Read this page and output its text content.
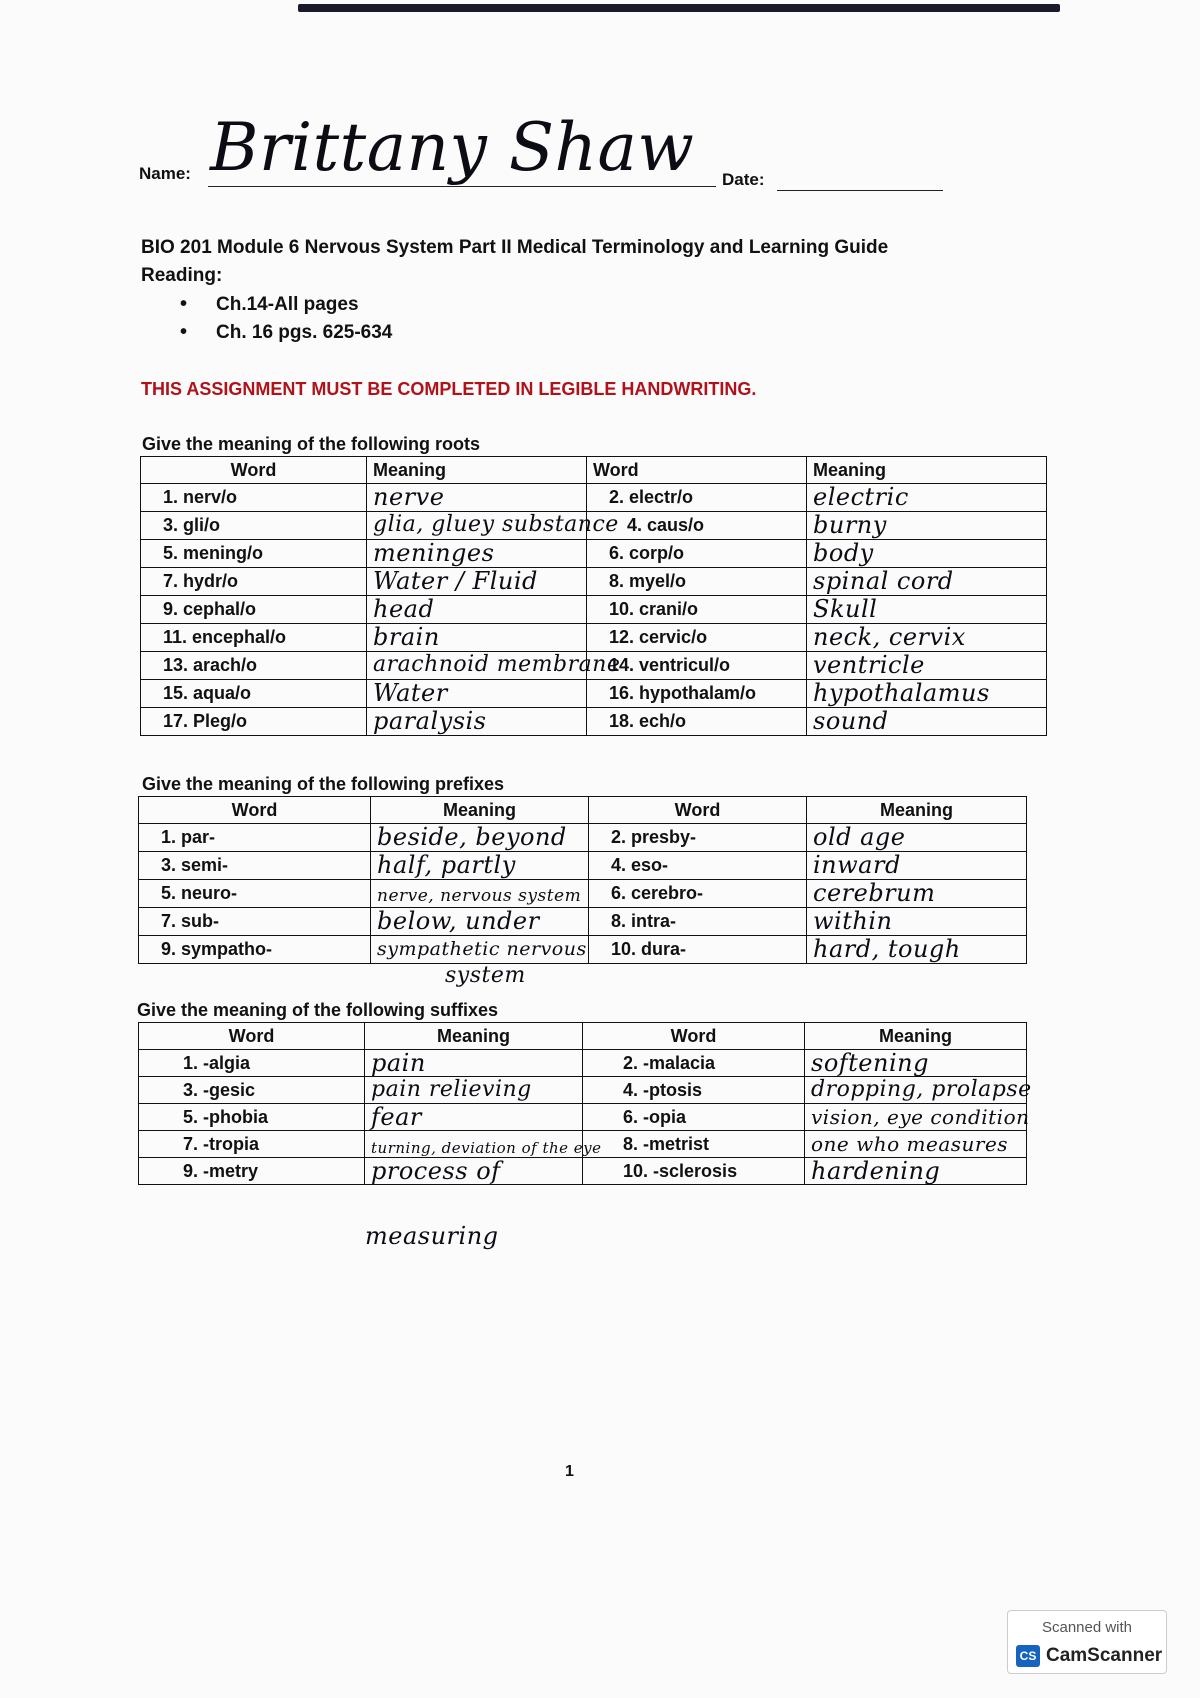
Name: Brittany Shaw Date:
BIO 201 Module 6 Nervous System Part II Medical Terminology and Learning Guide
Reading:
• Ch.14-All pages
• Ch. 16 pgs. 625-634
THIS ASSIGNMENT MUST BE COMPLETED IN LEGIBLE HANDWRITING.
Give the meaning of the following roots
Word	Meaning	Word	Meaning
1. nerv/o	nerve	2. electr/o	electric

3. gli/o	glia, gluey substance	4. caus/o	burny

5. mening/o	meninges	6. corp/o	body

7. hydr/o	Water / Fluid	8. myel/o	spinal cord

9. cephal/o	head	10. crani/o	Skull

11. encephal/o	brain	12. cervic/o	neck, cervix

13. arach/o	arachnoid membrane	14. ventricul/o	ventricle

15. aqua/o	Water	16. hypothalam/o	hypothalamus

17. Pleg/o	paralysis	18. ech/o	sound
Give the meaning of the following prefixes
Word	Meaning	Word	Meaning
1. par-	beside, beyond	2. presby-	old age

3. semi-	half, partly	4. eso-	inward

5. neuro-	nerve, nervous system	6. cerebro-	cerebrum

7. sub-	below, under	8. intra-	within

9. sympatho-	sympathetic nervous	10. dura-	hard, tough
system
Give the meaning of the following suffixes
Word	Meaning	Word	Meaning
1. -algia	pain	2. -malacia	softening

3. -gesic	pain relieving	4. -ptosis	dropping, prolapse

5. -phobia	fear	6. -opia	vision, eye condition

7. -tropia	turning, deviation of the eye	8. -metrist	one who measures

9. -metry	process of	10. -sclerosis	hardening
measuring
1
Scanned with
CS CamScanner
